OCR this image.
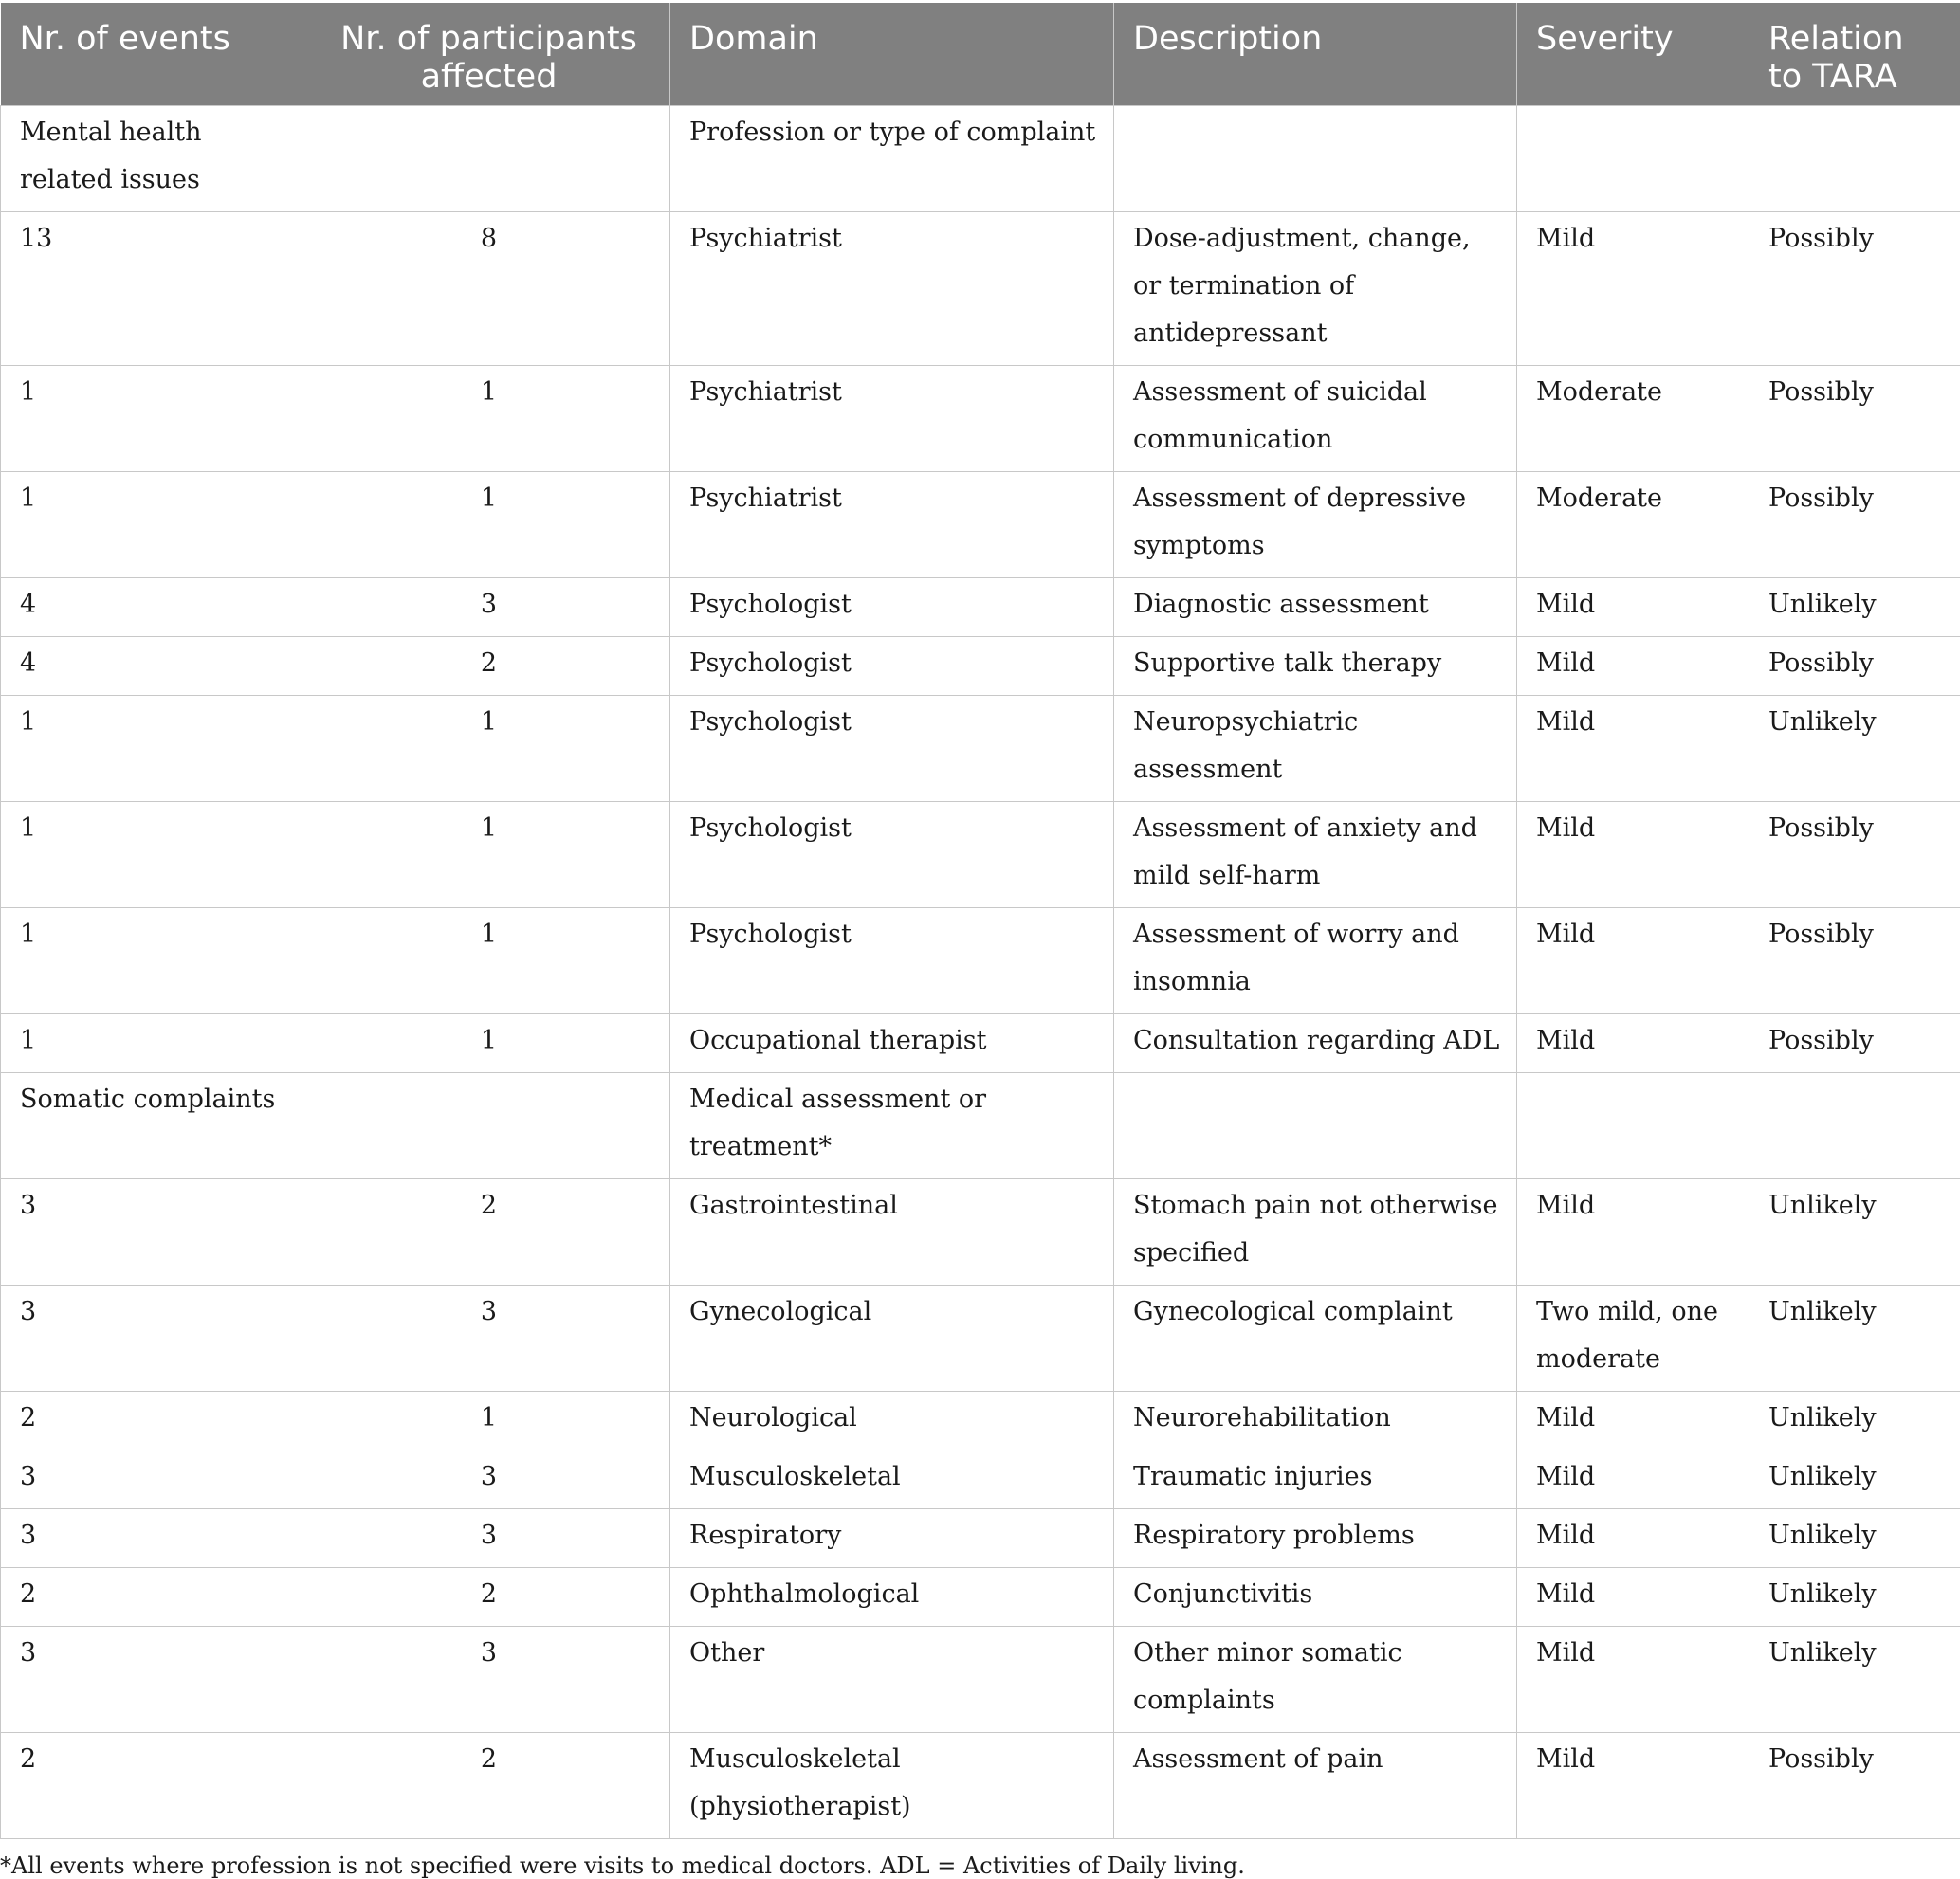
Nr. of events	Nr. of participants affected	Domain	Description	Severity	Relation to TARA
Mental health related issues		Profession or type of complaint			
13	8	Psychiatrist	Dose-adjustment, change, or termination of antidepressant	Mild	Possibly
1	1	Psychiatrist	Assessment of suicidal communication	Moderate	Possibly
1	1	Psychiatrist	Assessment of depressive symptoms	Moderate	Possibly
4	3	Psychologist	Diagnostic assessment	Mild	Unlikely
4	2	Psychologist	Supportive talk therapy	Mild	Possibly
1	1	Psychologist	Neuropsychiatric assessment	Mild	Unlikely
1	1	Psychologist	Assessment of anxiety and mild self-harm	Mild	Possibly
1	1	Psychologist	Assessment of worry and insomnia	Mild	Possibly
1	1	Occupational therapist	Consultation regarding ADL	Mild	Possibly
Somatic complaints		Medical assessment or treatment*			
3	2	Gastrointestinal	Stomach pain not otherwise specified	Mild	Unlikely
3	3	Gynecological	Gynecological complaint	Two mild, one moderate	Unlikely
2	1	Neurological	Neurorehabilitation	Mild	Unlikely
3	3	Musculoskeletal	Traumatic injuries	Mild	Unlikely
3	3	Respiratory	Respiratory problems	Mild	Unlikely
2	2	Ophthalmological	Conjunctivitis	Mild	Unlikely
3	3	Other	Other minor somatic complaints	Mild	Unlikely
2	2	Musculoskeletal (physiotherapist)	Assessment of pain	Mild	Possibly
*All events where profession is not specified were visits to medical doctors. ADL = Activities of Daily living.
